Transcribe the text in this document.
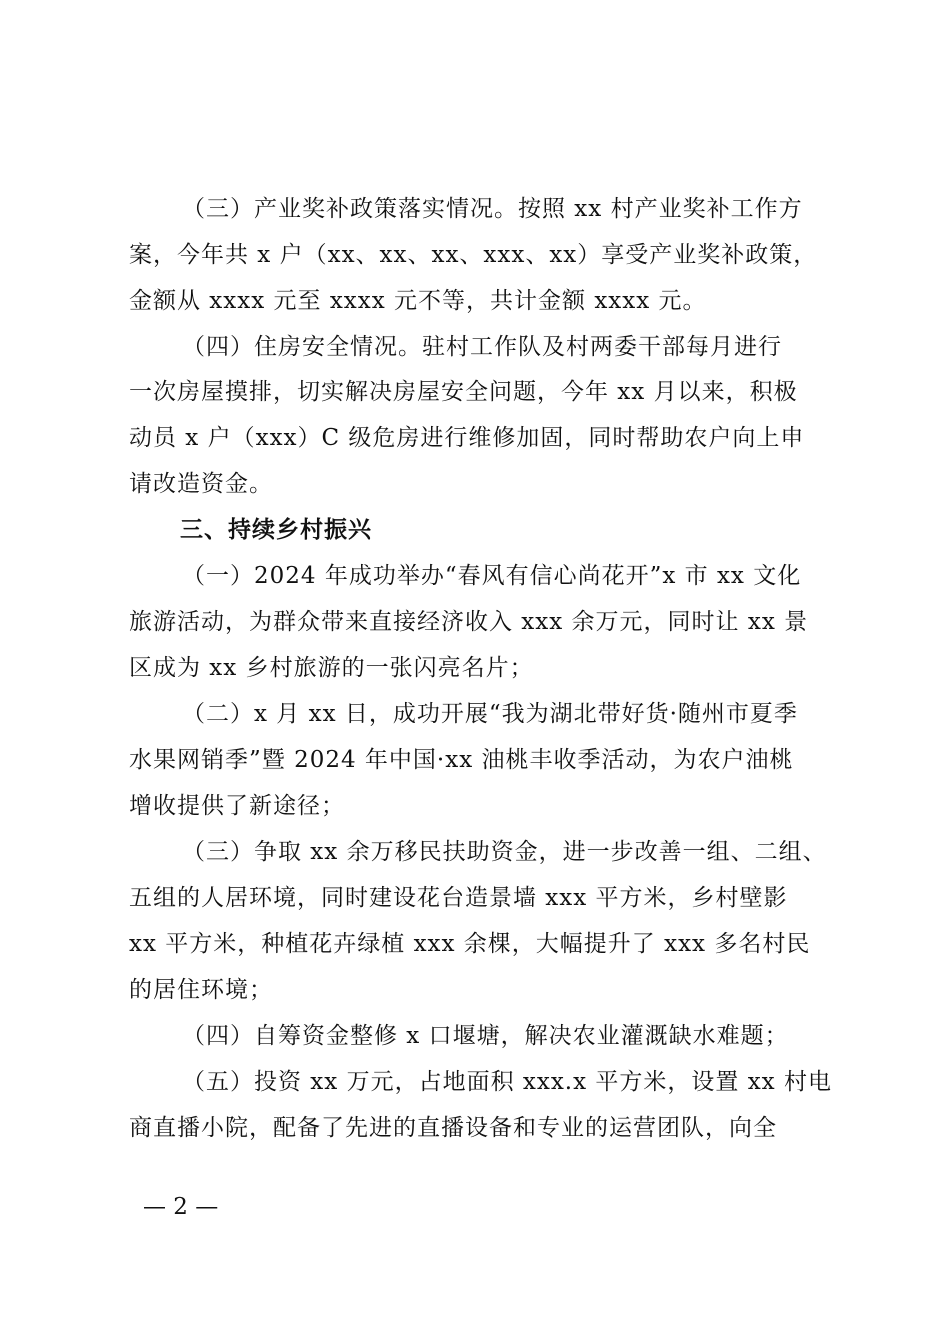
（三）产业奖补政策落实情况。按照 xx 村产业奖补工作方
案，今年共 x 户（xx、xx、xx、xxx、xx）享受产业奖补政策，
金额从 xxxx 元至 xxxx 元不等，共计金额 xxxx 元。
（四）住房安全情况。驻村工作队及村两委干部每月进行
一次房屋摸排，切实解决房屋安全问题，今年 xx 月以来，积极
动员 x 户（xxx）C 级危房进行维修加固，同时帮助农户向上申
请改造资金。
三、持续乡村振兴
（一）2024 年成功举办“春风有信心尚花开”x 市 xx 文化
旅游活动，为群众带来直接经济收入 xxx 余万元，同时让 xx 景
区成为 xx 乡村旅游的一张闪亮名片；
（二）x 月 xx 日，成功开展“我为湖北带好货·随州市夏季
水果网销季”暨 2024 年中国·xx 油桃丰收季活动，为农户油桃
增收提供了新途径；
（三）争取 xx 余万移民扶助资金，进一步改善一组、二组、
五组的人居环境，同时建设花台造景墙 xxx 平方米，乡村壁影
xx 平方米，种植花卉绿植 xxx 余棵，大幅提升了 xxx 多名村民
的居住环境；
（四）自筹资金整修 x 口堰塘，解决农业灌溉缺水难题；
（五）投资 xx 万元，占地面积 xxx.x 平方米，设置 xx 村电
商直播小院，配备了先进的直播设备和专业的运营团队，向全
— 2 —
